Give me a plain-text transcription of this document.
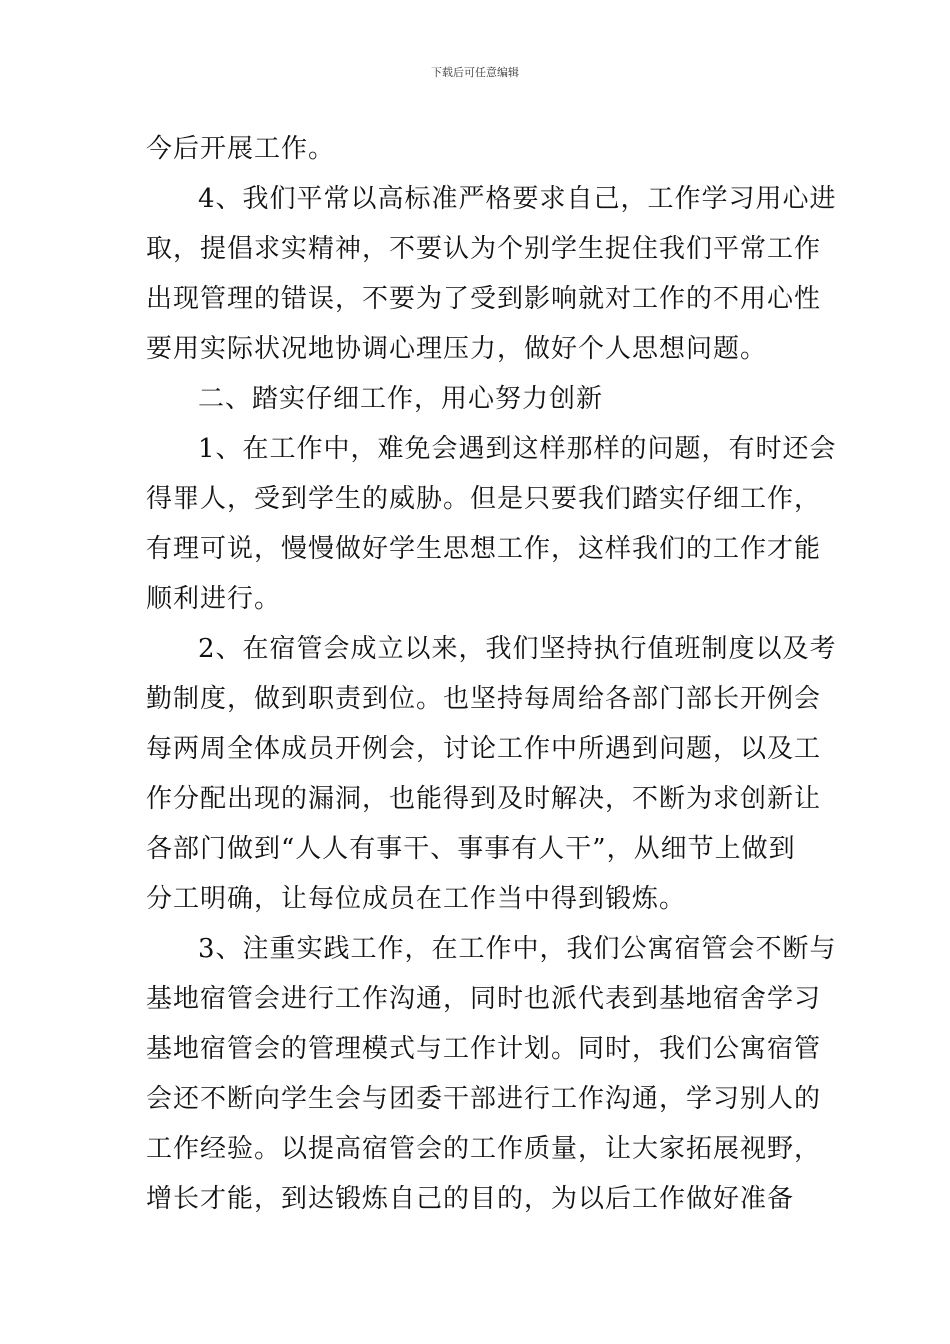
下载后可任意编辑
今后开展工作。
4、我们平常以高标准严格要求自己，工作学习用心进
取，提倡求实精神，不要认为个别学生捉住我们平常工作
出现管理的错误，不要为了受到影响就对工作的不用心性
要用实际状况地协调心理压力，做好个人思想问题。
二、踏实仔细工作，用心努力创新
1、在工作中，难免会遇到这样那样的问题，有时还会
得罪人，受到学生的威胁。但是只要我们踏实仔细工作，
有理可说，慢慢做好学生思想工作，这样我们的工作才能
顺利进行。
2、在宿管会成立以来，我们坚持执行值班制度以及考
勤制度，做到职责到位。也坚持每周给各部门部长开例会
每两周全体成员开例会，讨论工作中所遇到问题，以及工
作分配出现的漏洞，也能得到及时解决，不断为求创新让
各部门做到“人人有事干、事事有人干”，从细节上做到
分工明确，让每位成员在工作当中得到锻炼。
3、注重实践工作，在工作中，我们公寓宿管会不断与
基地宿管会进行工作沟通，同时也派代表到基地宿舍学习
基地宿管会的管理模式与工作计划。同时，我们公寓宿管
会还不断向学生会与团委干部进行工作沟通，学习别人的
工作经验。以提高宿管会的工作质量，让大家拓展视野，
增长才能，到达锻炼自己的目的，为以后工作做好准备
